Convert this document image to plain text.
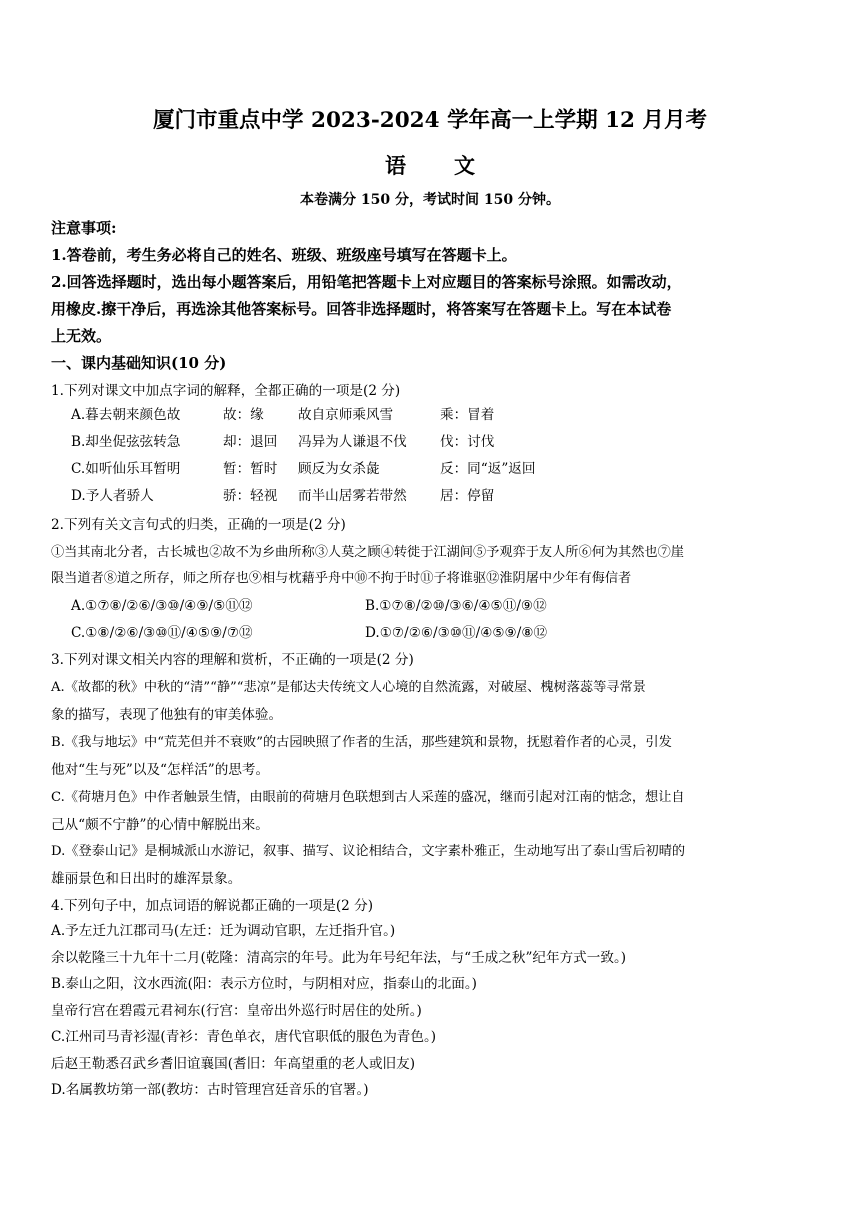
厦门市重点中学 2023-2024 学年高一上学期 12 月月考
语文
本卷满分 150 分，考试时间 150 分钟。
注意事项:
1.答卷前，考生务必将自己的姓名、班级、班级座号填写在答题卡上。
2.回答选择题时，选出每小题答案后，用铅笔把答题卡上对应题目的答案标号涂照。如需改动，
用橡皮.擦干净后，再选涂其他答案标号。回答非选择题时，将答案写在答题卡上。写在本试卷
上无效。
一、课内基础知识(10 分)
1.下列对课文中加点字词的解释，全都正确的一项是(2 分)
A.暮去朝来颜色故	故：缘	故自京师乘风雪	乘：冒着
B.却坐促弦弦转急	却：退回 冯异为人谦退不伐 伐：讨伐
C.如听仙乐耳暂明	暂：暂时 顾反为女杀彘	反：同“返”返回
D.予人者骄人	骄：轻视 而半山居雾若带然 居：停留
2.下列有关文言句式的归类，正确的一项是(2 分)
①当其南北分者，古长城也②故不为乡曲所称③人莫之顾④转徙于江湖间⑤予观弈于友人所⑥何为其然也⑦崖
限当道者⑧道之所存，师之所存也⑨相与枕藉乎舟中⑩不拘于时⑪子将谁驱⑫淮阴屠中少年有侮信者
A.①⑦⑧/②⑥/③⑩/④⑨/⑤⑪⑫	B.①⑦⑧/②⑩/③⑥/④⑤⑪/⑨⑫
C.①⑧/②⑥/③⑩⑪/④⑤⑨/⑦⑫	D.①⑦/②⑥/③⑩⑪/④⑤⑨/⑧⑫
3.下列对课文相关内容的理解和赏析，不正确的一项是(2 分)
A.《故都的秋》中秋的“清”“静”“悲凉”是郁达夫传统文人心境的自然流露，对破屋、槐树落蕊等寻常景
象的描写，表现了他独有的审美体验。
B.《我与地坛》中“荒芜但并不衰败”的古园映照了作者的生活，那些建筑和景物，抚慰着作者的心灵，引发
他对“生与死”以及“怎样活”的思考。
C.《荷塘月色》中作者触景生情，由眼前的荷塘月色联想到古人采莲的盛况，继而引起对江南的惦念，想让自
己从“颇不宁静”的心情中解脱出来。
D.《登泰山记》是桐城派山水游记，叙事、描写、议论相结合，文字素朴雅正，生动地写出了泰山雪后初晴的
雄丽景色和日出时的雄浑景象。
4.下列句子中，加点词语的解说都正确的一项是(2 分)
A.予左迁九江郡司马(左迁：迁为调动官职，左迁指升官。)
余以乾隆三十九年十二月(乾隆：清高宗的年号。此为年号纪年法，与“壬成之秋”纪年方式一致。)
B.泰山之阳，汶水西流(阳：表示方位时，与阴相对应，指泰山的北面。)
皇帝行宫在碧霞元君祠东(行宫：皇帝出外巡行时居住的处所。)
C.江州司马青衫湿(青衫：青色单衣，唐代官职低的服色为青色。)
后赵王勒悉召武乡耆旧谊襄国(耆旧：年高望重的老人或旧友)
D.名属教坊第一部(教坊：古时管理宫廷音乐的官署。)
